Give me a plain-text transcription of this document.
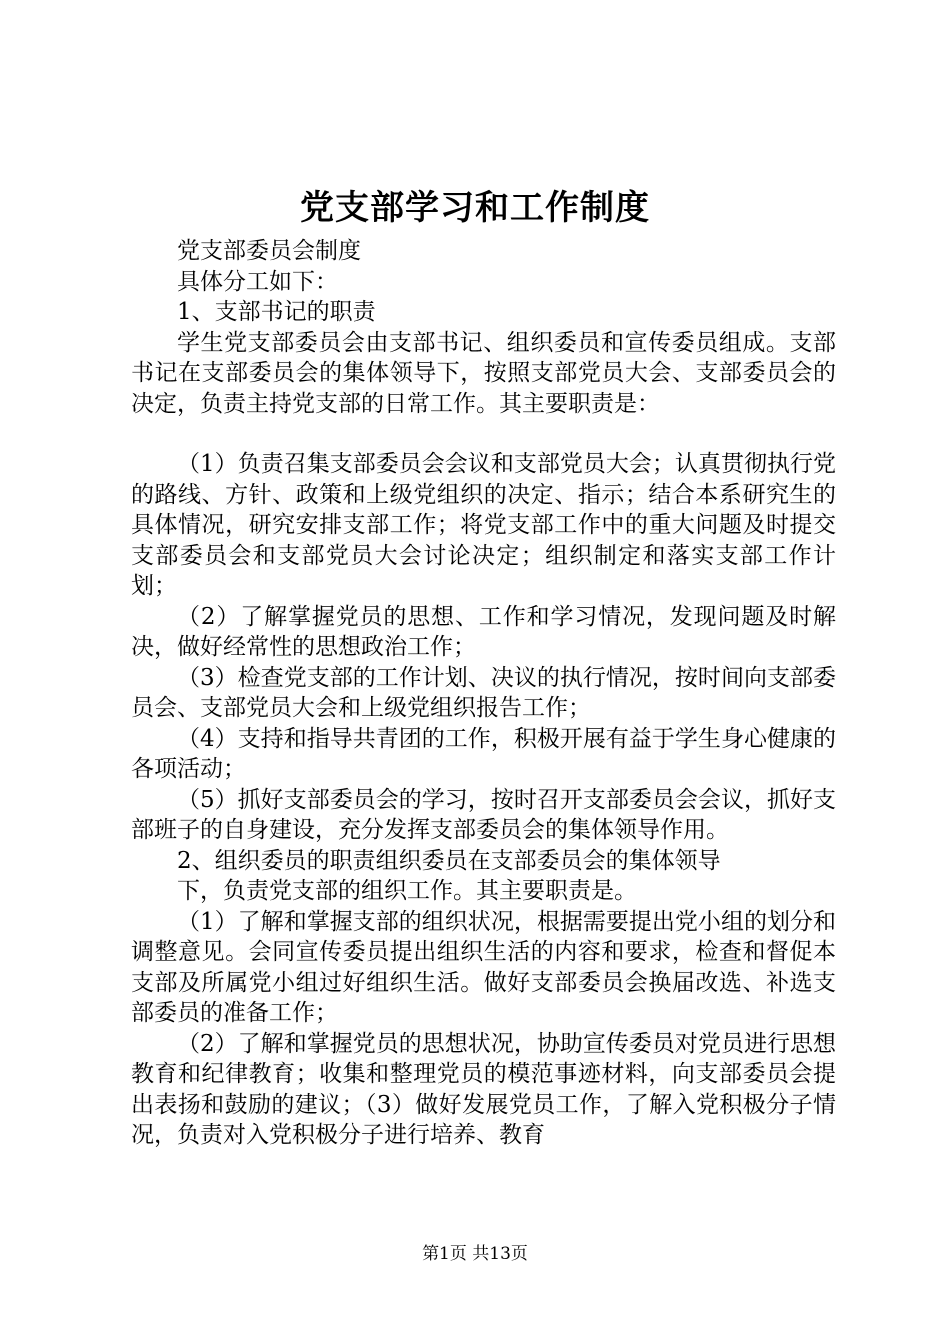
党支部学习和工作制度

党支部委员会制度

具体分工如下：

1、支部书记的职责

学生党支部委员会由支部书记、组织委员和宣传委员组成。支部书记在支部委员会的集体领导下，按照支部党员大会、支部委员会的决定，负责主持党支部的日常工作。其主要职责是：

（1）负责召集支部委员会会议和支部党员大会；认真贯彻执行党的路线、方针、政策和上级党组织的决定、指示；结合本系研究生的具体情况，研究安排支部工作；将党支部工作中的重大问题及时提交支部委员会和支部党员大会讨论决定；组织制定和落实支部工作计划；

（2）了解掌握党员的思想、工作和学习情况，发现问题及时解决，做好经常性的思想政治工作；

（3）检查党支部的工作计划、决议的执行情况，按时间向支部委员会、支部党员大会和上级党组织报告工作；

（4）支持和指导共青团的工作，积极开展有益于学生身心健康的各项活动；

（5）抓好支部委员会的学习，按时召开支部委员会会议，抓好支部班子的自身建设，充分发挥支部委员会的集体领导作用。

2、组织委员的职责组织委员在支部委员会的集体领导

下，负责党支部的组织工作。其主要职责是。

（1）了解和掌握支部的组织状况，根据需要提出党小组的划分和调整意见。会同宣传委员提出组织生活的内容和要求，检查和督促本支部及所属党小组过好组织生活。做好支部委员会换届改选、补选支部委员的准备工作；

（2）了解和掌握党员的思想状况，协助宣传委员对党员进行思想教育和纪律教育；收集和整理党员的模范事迹材料，向支部委员会提出表扬和鼓励的建议；（3）做好发展党员工作，了解入党积极分子情况，负责对入党积极分子进行培养、教育

第1页 共13页
